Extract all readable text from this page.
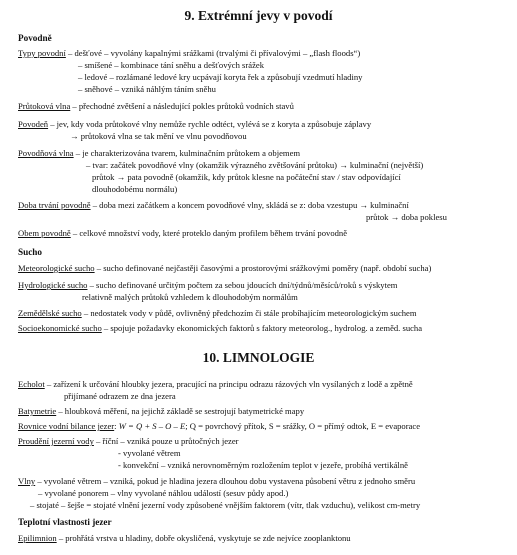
9. Extrémní jevy v povodí
Povodně
Typy povodní – dešťové – vyvolány kapalnými srážkami (trvalými či přívalovými – „flash floods“)
– smíšené – kombinace tání sněhu a dešťových srážek
– ledové – rozlámané ledové kry ucpávají koryta řek a způsobují vzedmutí hladiny
– sněhové – vzniká náhlým táním sněhu
Průtoková vlna – přechodné zvětšení a následující pokles průtoků vodních stavů
Povodeň – jev, kdy voda průtokové vlny nemůže rychle odtéct, vylévá se z koryta a způsobuje záplavy
→ průtoková vlna se tak mění ve vlnu povodňovou
Povodňová vlna – je charakterizována tvarem, kulminačním průtokem a objemem
– tvar: začátek povodňové vlny (okamžik výrazného zvětšování průtoku) → kulminační (největší)
průtok → pata povodně (okamžik, kdy průtok klesne na počáteční stav / stav odpovídající
dlouhodobému normálu)
Doba trvání povodně – doba mezi začátkem a koncem povodňové vlny, skládá se z: doba vzestupu → kulminační
průtok → doba poklesu
Obem povodně – celkové množství vody, které proteklo daným profilem během trvání povodně
Sucho
Meteorologické sucho – sucho definované nejčastěji časovými a prostorovými srážkovými poměry (např. období sucha)
Hydrologické sucho – sucho definované určitým počtem za sebou jdoucích dní/týdnů/měsíců/roků s výskytem
relativně malých průtoků vzhledem k dlouhodobým normálům
Zemědělské sucho – nedostatek vody v půdě, ovlivněný předchozím či stále probíhajícím meteorologickým suchem
Socioekonomické sucho – spojuje požadavky ekonomických faktorů s faktory meteorolog., hydrolog. a zeměd. sucha
10. LIMNOLOGIE
Echolot – zařízení k určování hloubky jezera, pracující na principu odrazu rázových vln vysílaných z lodě a zpětně
přijímané odrazem ze dna jezera
Batymetrie – hloubková měření, na jejichž základě se sestrojují batymetrické mapy
Rovnice vodní bilance jezer: W = Q + S – O – E; Q = povrchový přítok, S = srážky, O = přímý odtok, E = evaporace
Proudění jezerní vody – říční – vzniká pouze u průtočných jezer
- vyvolané větrem
- konvekční – vzniká nerovnoměrným rozložením teplot v jezeře, probíhá vertikálně
Vlny – vyvolané větrem – vzniká, pokud je hladina jezera dlouhou dobu vystavena působení větru z jednoho směru
– vyvolané ponorem – vlny vyvolané náhlou událostí (sesuv půdy apod.)
– stojaté – šejše = stojaté vlnění jezerní vody způsobené vnějším faktorem (vítr, tlak vzduchu), velikost cm-metry
Teplotní vlastnosti jezer
Epilimnion – prohřátá vrstva u hladiny, dobře okysličená, vyskytuje se zde nejvíce zooplanktonu
